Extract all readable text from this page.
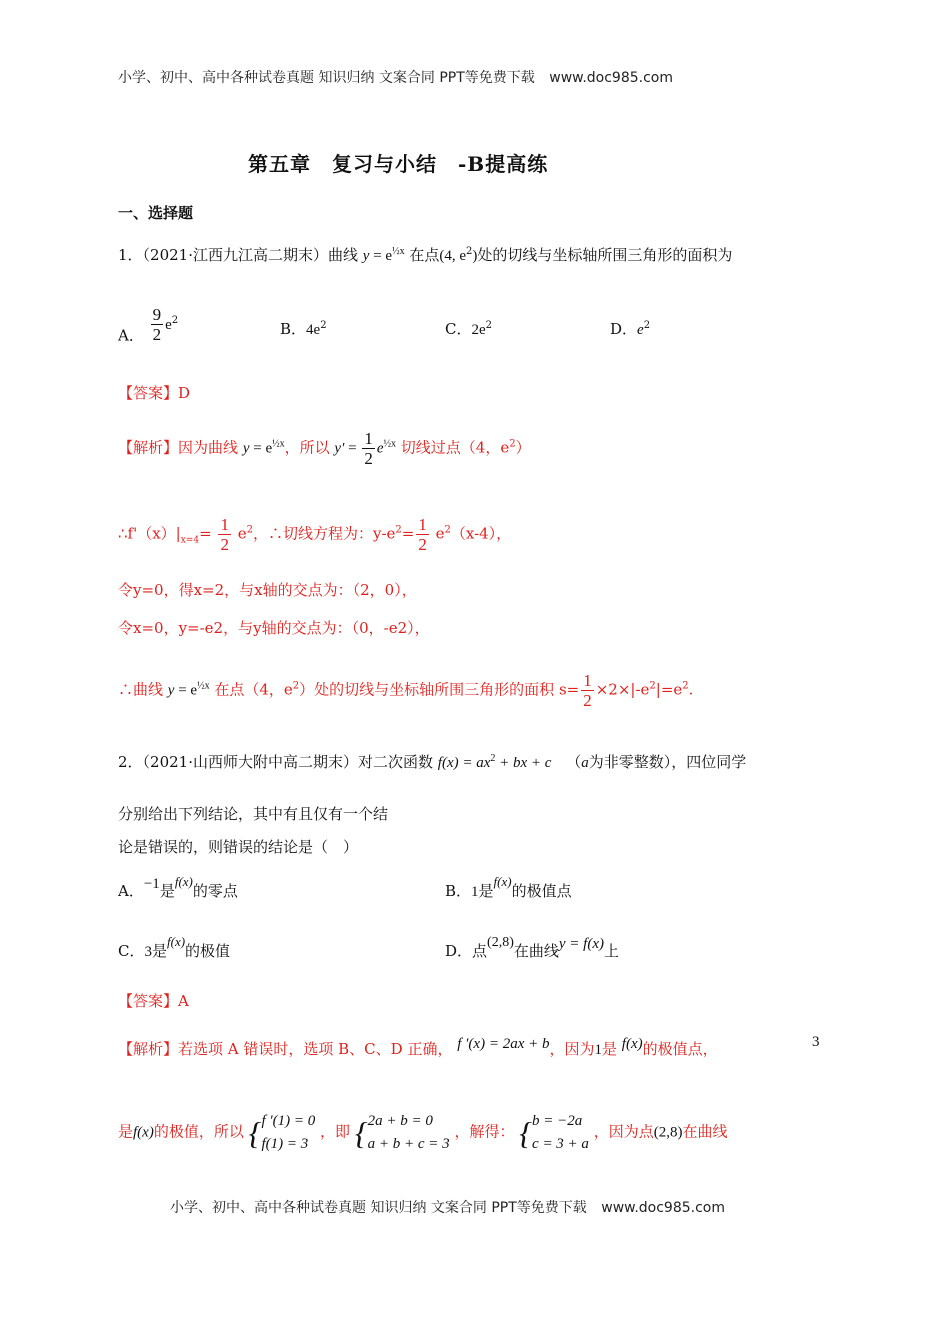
小学、初中、高中各种试卷真题 知识归纳 文案合同 PPT等免费下载 www.doc985.com
第五章　复习与小结　-B提高练
一、选择题
1．（2021·江西九江高二期末）曲线 $y = e^{\frac{1}{2}x}$ 在点(4, $e^2$)处的切线与坐标轴所围三角形的面积为
A． $\frac{9}{2} e^2$	B．$4e^2$	C．$2e^2$	D．$e^2$
【答案】D
【解析】因为曲线 $y = e^{\frac{1}{2}x}$，所以 $y' = \frac{1}{2} e^{\frac{1}{2}x}$ 切线过点（4，$e^2$）
$\therefore f'(x)|_{x=4}= \frac{1}{2} e^2$，∴切线方程为：$y-e^2= \frac{1}{2} e^2(x-4)$，
令y=0，得x=2，与x轴的交点为：（2，0），
令x=0，y=-e2，与y轴的交点为：（0，-e2），
∴曲线 $y = e^{\frac{1}{2}x}$ 在点（4，$e^2$）处的切线与坐标轴所围三角形的面积 $s= \frac{1}{2} \times 2\times|-e^2|=e^2$.
2．（2021·山西师大附中高二期末）对二次函数 $f(x) = ax^2$ + bx + c （a为非零整数），四位同学
分别给出下列结论，其中有且仅有一个结
论是错误的，则错误的结论是（　）
A．−1是f(x)的零点	B．1是f(x)的极值点
C．3是f(x)的极值	D．点(2,8)在曲线y = f(x)上
【答案】A
【解析】若选项 A 错误时，选项 B、C、D 正确， f ′(x) = 2ax + b，因为1是 f(x)的极值点，	3
是f(x)的极值，所以 { f ′(1) = 0
f(1) = 3
，即 { 2a + b = 0
a + b + c = 3
，解得： { b = −2a
c = 3 + a
，因为点(2,8)在曲线
小学、初中、高中各种试卷真题 知识归纳 文案合同 PPT等免费下载 www.doc985.com
